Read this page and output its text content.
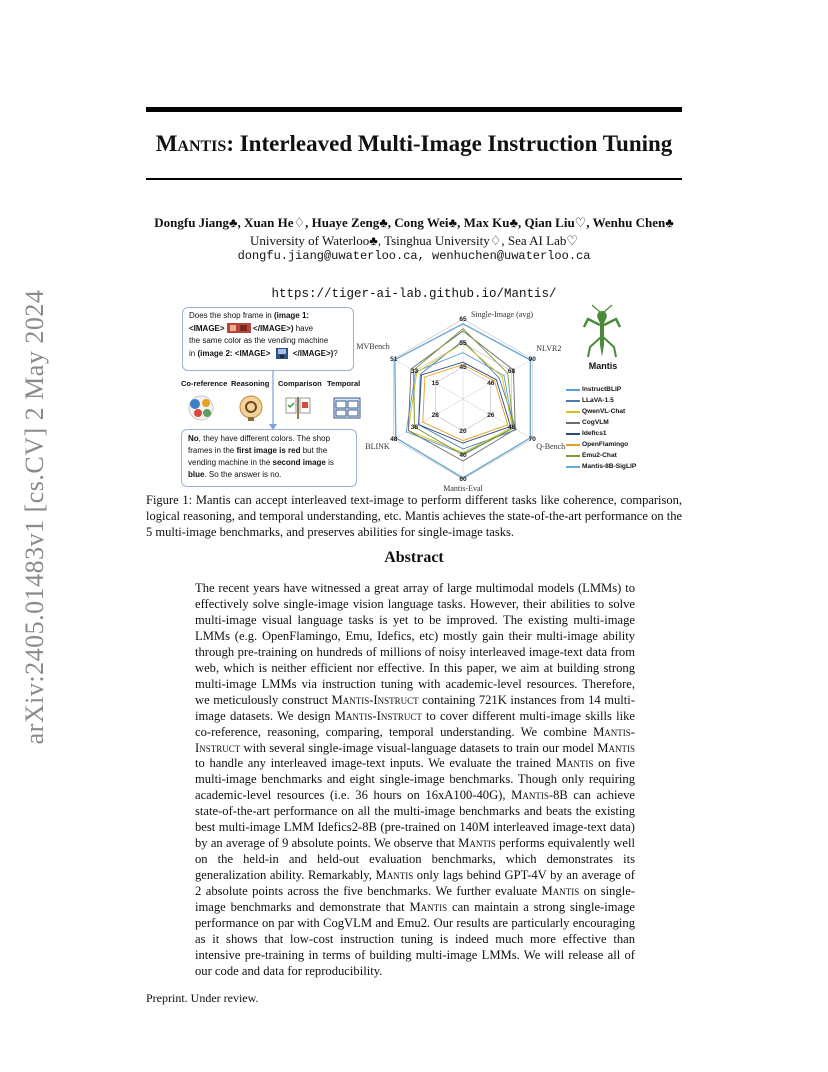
arXiv:2405.01483v1 [cs.CV] 2 May 2024
Mantis: Interleaved Multi-Image Instruction Tuning
Dongfu Jiang♣, Xuan He♢, Huaye Zeng♣, Cong Wei♣, Max Ku♣, Qian Liu♡, Wenhu Chen♣
University of Waterloo♣, Tsinghua University♢, Sea AI Lab♡
dongfu.jiang@uwaterloo.ca, wenhuchen@uwaterloo.ca
https://tiger-ai-lab.github.io/Mantis/
Does the shop frame in (image 1:
<IMAGE>	</IMAGE>) have
the same color as the vending machine
in (image 2: <IMAGE>	</IMAGE>)?
Co-reference Reasoning Comparison Temporal
No, they have different colors. The shop
frames in the first image is red but the
vending machine in the second image is
blue. So the answer is no.
65
55
45
Single-Image (avg)
90
68
46
NLVR2
70
48
26
Q-Bench
60
40
20
Mantis-Eval
48
38
28
BLINK
51
33
15
MVBench
Mantis
InstructBLIP
LLaVA-1.5
QwenVL-Chat
CogVLM
Idefics1
OpenFlamingo
Emu2-Chat
Mantis-8B-SigLIP
Figure 1: Mantis can accept interleaved text-image to perform different tasks like coherence, comparison, logical reasoning, and temporal understanding, etc. Mantis achieves the state-of-the-art performance on the 5 multi-image benchmarks, and preserves abilities for single-image tasks.
Abstract
The recent years have witnessed a great array of large multimodal models (LMMs) to effectively solve single-image vision language tasks. However, their abilities to solve multi-image visual language tasks is yet to be improved. The existing multi-image LMMs (e.g. OpenFlamingo, Emu, Idefics, etc) mostly gain their multi-image ability through pre-training on hundreds of millions of noisy interleaved image-text data from web, which is neither efficient nor effective. In this paper, we aim at building strong multi-image LMMs via instruction tuning with academic-level resources. Therefore, we meticulously construct Mantis-Instruct containing 721K instances from 14 multi-image datasets. We design Mantis-Instruct to cover different multi-image skills like co-reference, reasoning, comparing, temporal understanding. We combine Mantis-Instruct with several single-image visual-language datasets to train our model Mantis to handle any interleaved image-text inputs. We evaluate the trained Mantis on five multi-image benchmarks and eight single-image benchmarks. Though only requiring academic-level resources (i.e. 36 hours on 16xA100-40G), Mantis-8B can achieve state-of-the-art performance on all the multi-image benchmarks and beats the existing best multi-image LMM Idefics2-8B (pre-trained on 140M interleaved image-text data) by an average of 9 absolute points. We observe that Mantis performs equivalently well on the held-in and held-out evaluation benchmarks, which demonstrates its generalization ability. Remarkably, Mantis only lags behind GPT-4V by an average of 2 absolute points across the five benchmarks. We further evaluate Mantis on single-image benchmarks and demonstrate that Mantis can maintain a strong single-image performance on par with CogVLM and Emu2. Our results are particularly encouraging as it shows that low-cost instruction tuning is indeed much more effective than intensive pre-training in terms of building multi-image LMMs. We will release all of our code and data for reproducibility.
Preprint. Under review.
